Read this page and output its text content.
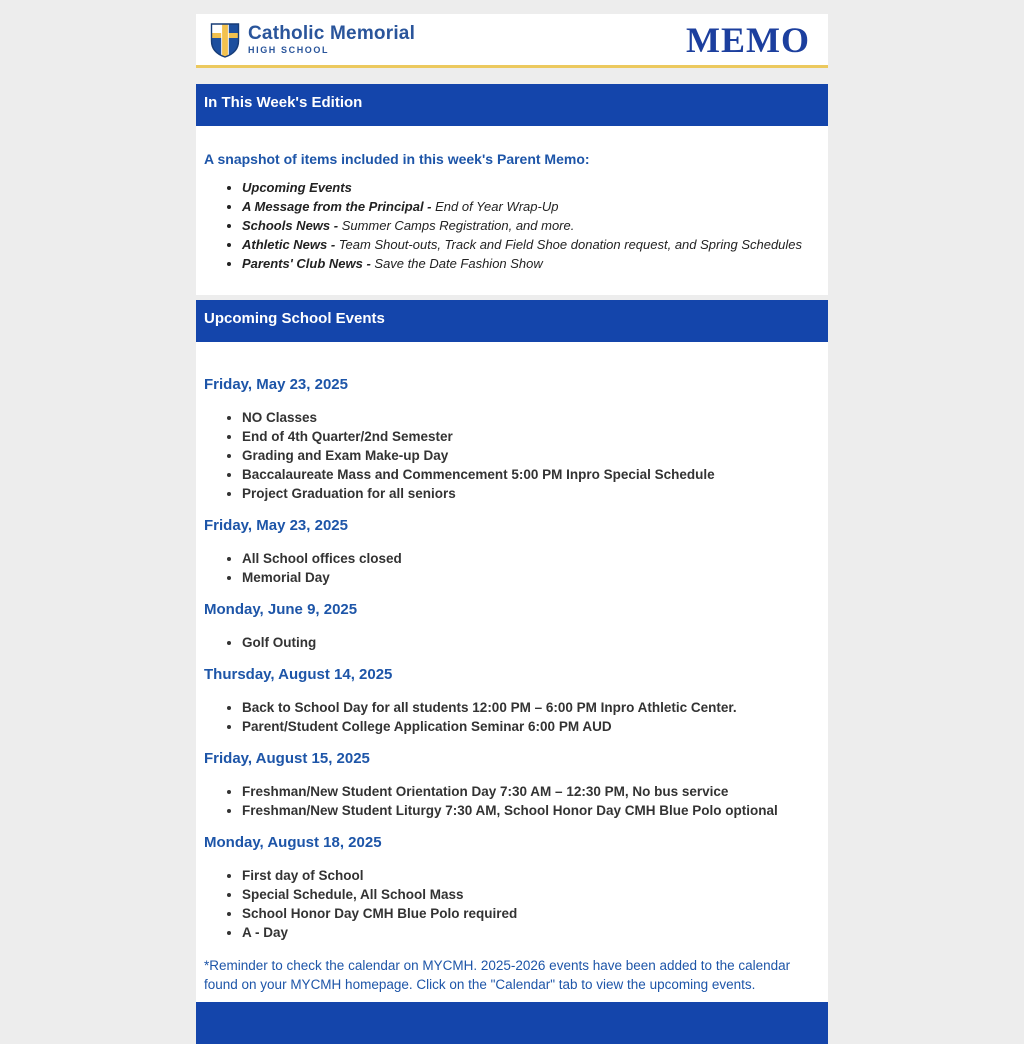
Catholic Memorial
HIGH SCHOOL	MEMO
In This Week's Edition

A snapshot of items included in this week's Parent Memo:

• Upcoming Events
• A Message from the Principal - End of Year Wrap-Up
• Schools News - Summer Camps Registration, and more.
• Athletic News - Team Shout-outs, Track and Field Shoe donation request, and Spring Schedules
• Parents' Club News - Save the Date Fashion Show
Upcoming School Events
Friday, May 23, 2025
• NO Classes
• End of 4th Quarter/2nd Semester
• Grading and Exam Make-up Day
• Baccalaureate Mass and Commencement 5:00 PM Inpro Special Schedule
• Project Graduation for all seniors
Friday, May 23, 2025
• All School offices closed
• Memorial Day
Monday, June 9, 2025
• Golf Outing
Thursday, August 14, 2025
• Back to School Day for all students 12:00 PM – 6:00 PM Inpro Athletic Center.
• Parent/Student College Application Seminar 6:00 PM AUD
Friday, August 15, 2025
• Freshman/New Student Orientation Day 7:30 AM – 12:30 PM, No bus service
• Freshman/New Student Liturgy 7:30 AM, School Honor Day CMH Blue Polo optional
Monday, August 18, 2025
• First day of School
• Special Schedule, All School Mass
• School Honor Day CMH Blue Polo required
• A - Day

*Reminder to check the calendar on MYCMH. 2025-2026 events have been added to the calendar found on your MYCMH homepage. Click on the "Calendar" tab to view the upcoming events.
